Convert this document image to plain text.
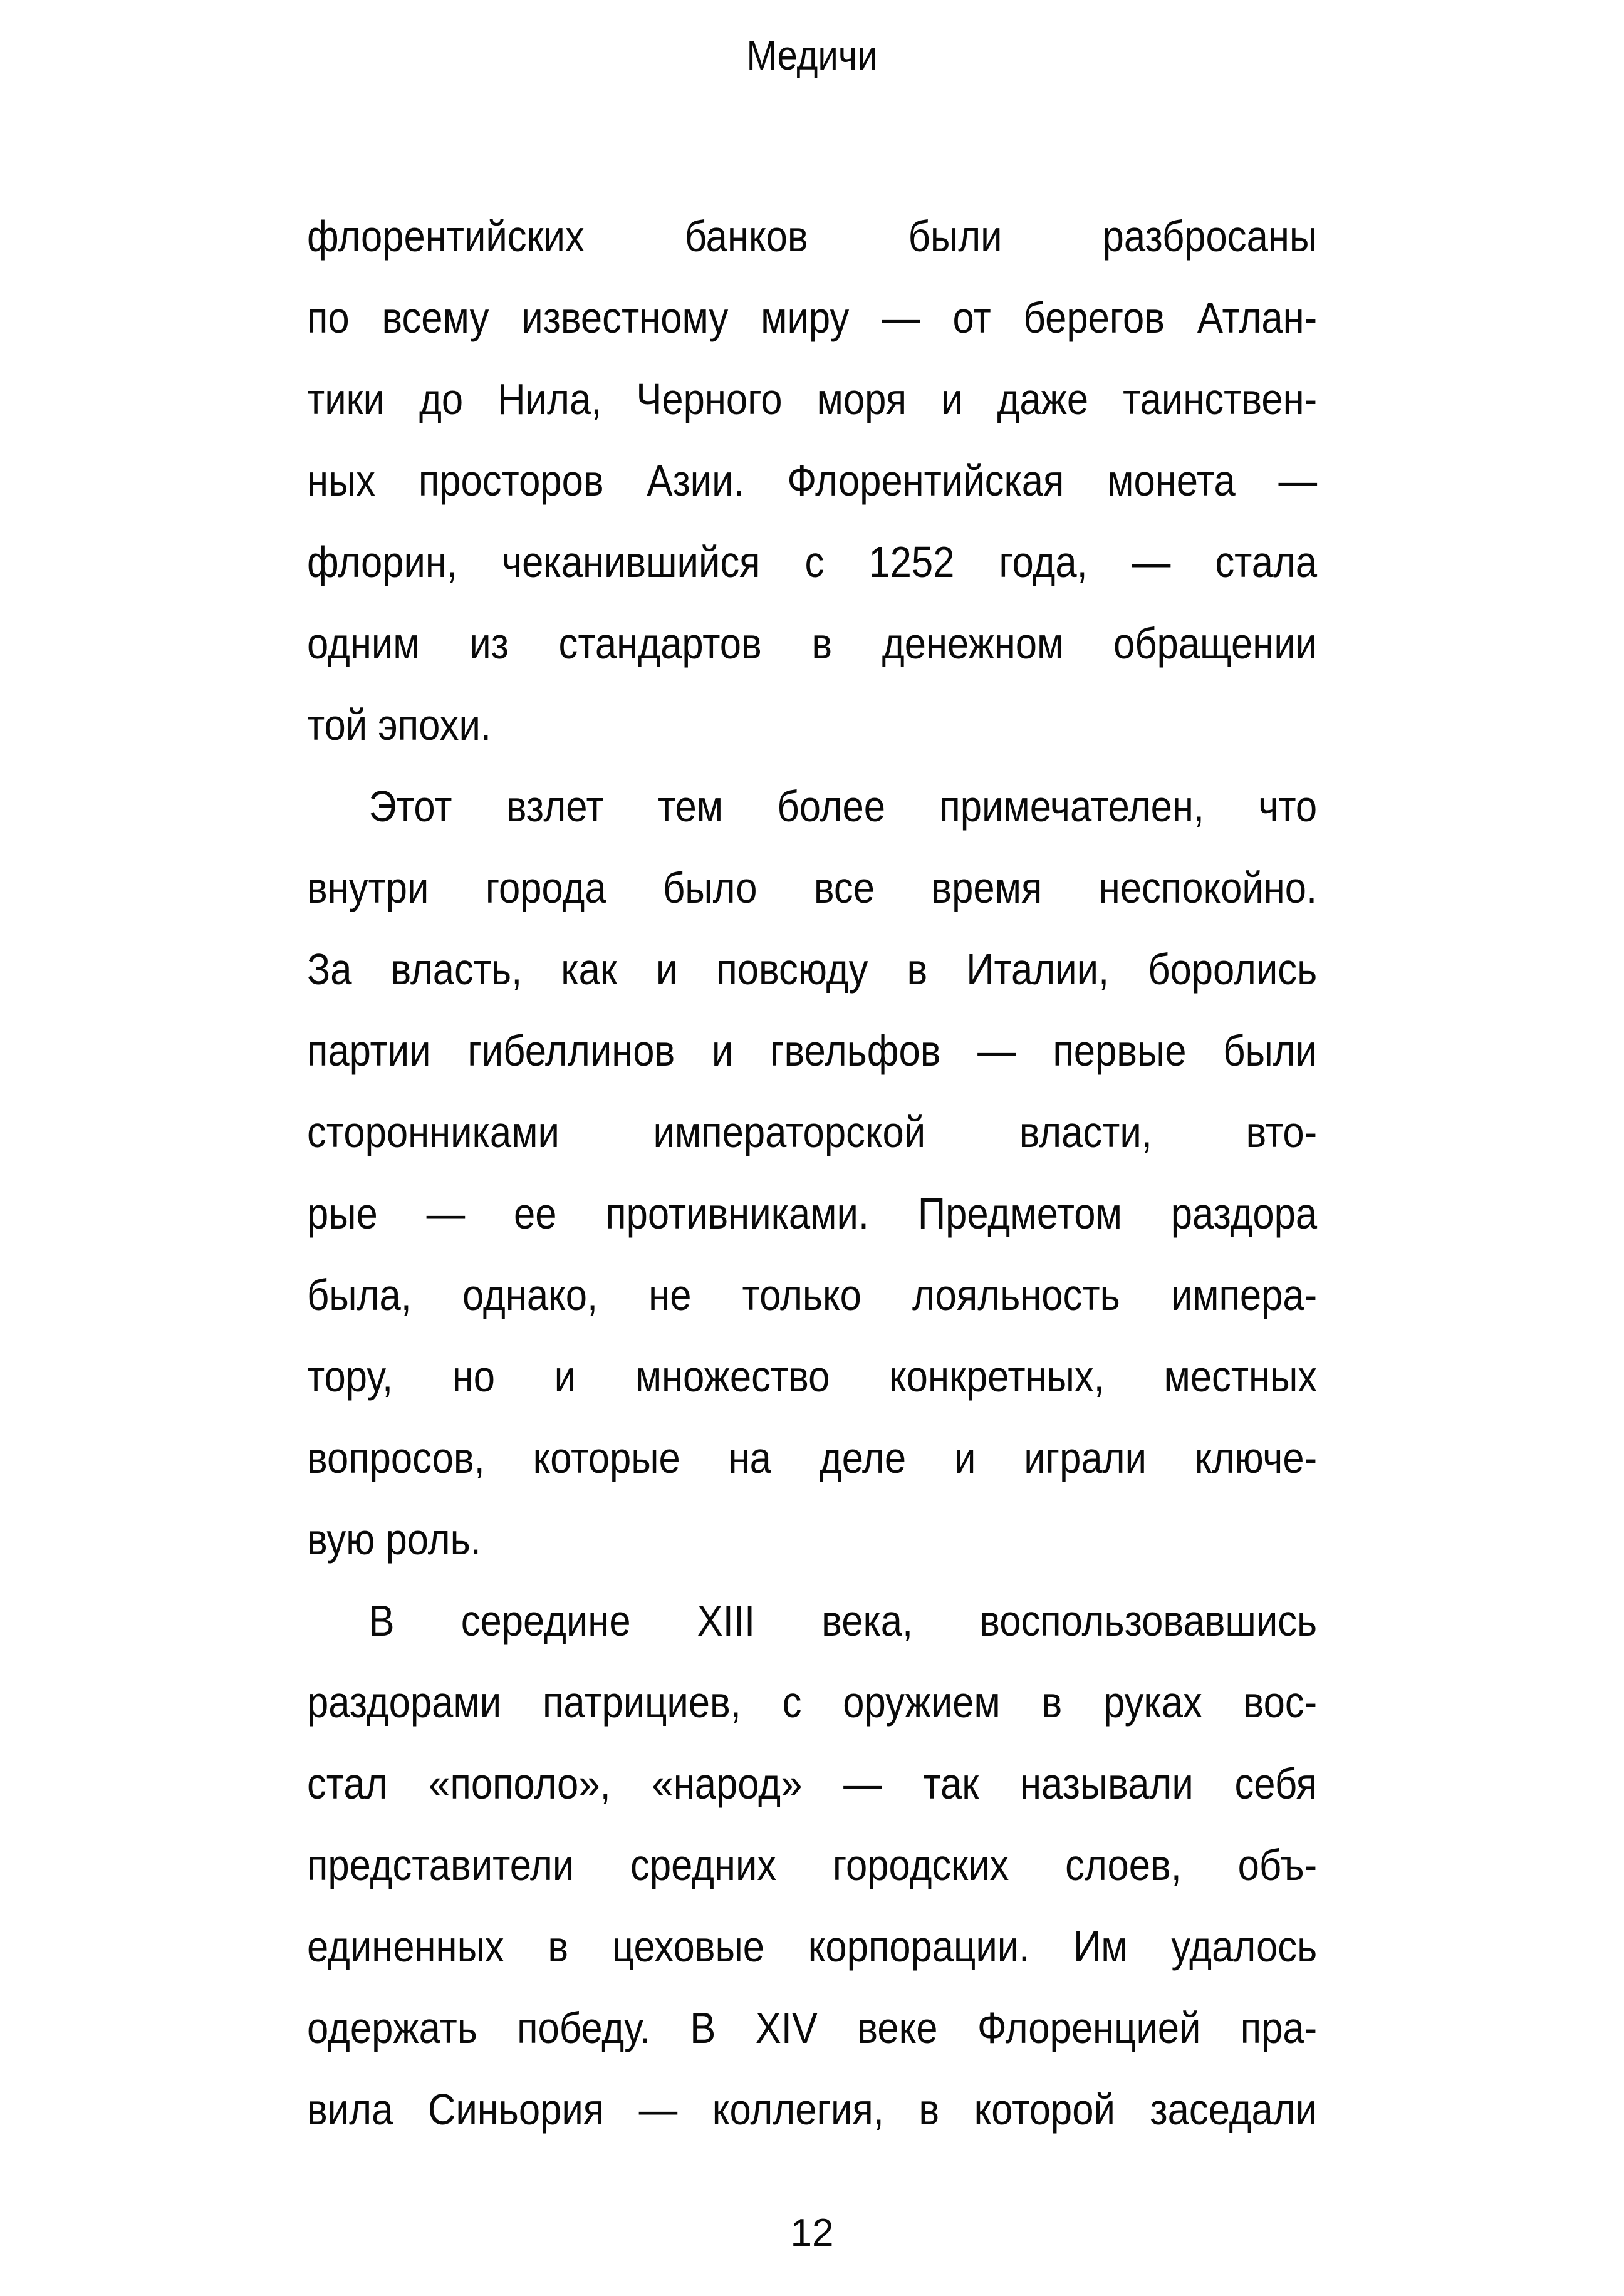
Медичи
флорентийских банков были разбросаны
по всему известному миру — от берегов Атлан-
тики до Нила, Черного моря и даже таинствен-
ных просторов Азии. Флорентийская монета —
флорин, чеканившийся с 1252 года, — стала
одним из стандартов в денежном обращении
той эпохи.
Этот взлет тем более примечателен, что
внутри города было все время неспокойно.
За власть, как и повсюду в Италии, боролись
партии гибеллинов и гвельфов — первые были
сторонниками императорской власти, вто-
рые — ее противниками. Предметом раздора
была, однако, не только лояльность импера-
тору, но и множество конкретных, местных
вопросов, которые на деле и играли ключе-
вую роль.
В середине XIII века, воспользовавшись
раздорами патрициев, с оружием в руках вос-
стал «пополо», «народ» — так называли себя
представители средних городских слоев, объ-
единенных в цеховые корпорации. Им удалось
одержать победу. В XIV веке Флоренцией пра-
вила Синьория — коллегия, в которой заседали
12
